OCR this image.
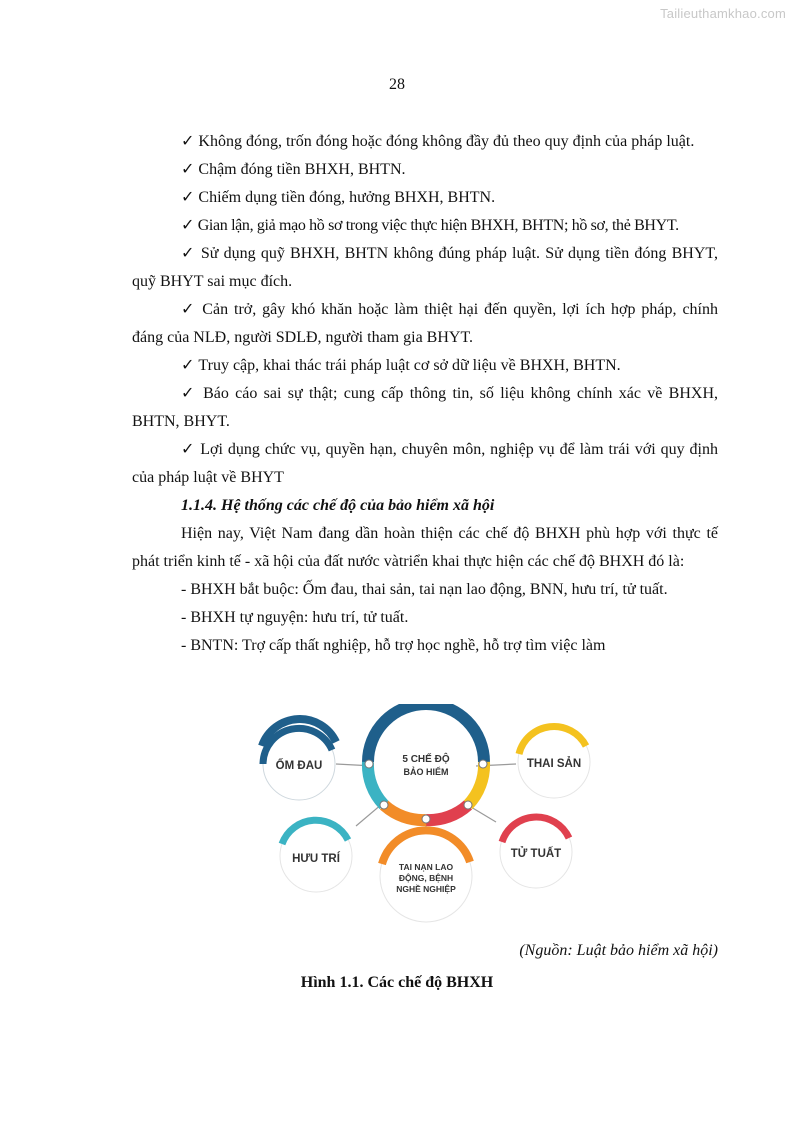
Tailieuthamkhao.com
28

✓ Không đóng, trốn đóng hoặc đóng không đầy đủ theo quy định của pháp luật.

✓ Chậm đóng tiền BHXH, BHTN.

✓ Chiếm dụng tiền đóng, hưởng BHXH, BHTN.

✓ Gian lận, giả mạo hồ sơ trong việc thực hiện BHXH, BHTN; hồ sơ, thẻ BHYT.

✓ Sử dụng quỹ BHXH, BHTN không đúng pháp luật. Sử dụng tiền đóng BHYT, quỹ BHYT sai mục đích.

✓ Cản trở, gây khó khăn hoặc làm thiệt hại đến quyền, lợi ích hợp pháp, chính đáng của NLĐ, người SDLĐ, người tham gia BHYT.

✓ Truy cập, khai thác trái pháp luật cơ sở dữ liệu về BHXH, BHTN.

✓ Báo cáo sai sự thật; cung cấp thông tin, số liệu không chính xác về BHXH, BHTN, BHYT.

✓ Lợi dụng chức vụ, quyền hạn, chuyên môn, nghiệp vụ để làm trái với quy định của pháp luật về BHYT

1.1.4. Hệ thống các chế độ của bảo hiểm xã hội

Hiện nay, Việt Nam đang dần hoàn thiện các chế độ BHXH phù hợp với thực tế phát triển kinh tế - xã hội của đất nước vàtriển khai thực hiện các chế độ BHXH đó là:

- BHXH bắt buộc: Ốm đau, thai sản, tai nạn lao động, BNN, hưu trí, tử tuất.

- BHXH tự nguyện: hưu trí, tử tuất.

- BNTN: Trợ cấp thất nghiệp, hỗ trợ học nghề, hỗ trợ tìm việc làm

5 CHẾ ĐỘ
BẢO HIỂM
ỐM ĐAU	THAI SẢN
HƯU TRÍ	TỬ TUẤT
TAI NẠN LAO
ĐỘNG, BỆNH
NGHỀ NGHIỆP
(Nguồn: Luật bảo hiểm xã hội)
Hình 1.1. Các chế độ BHXH
